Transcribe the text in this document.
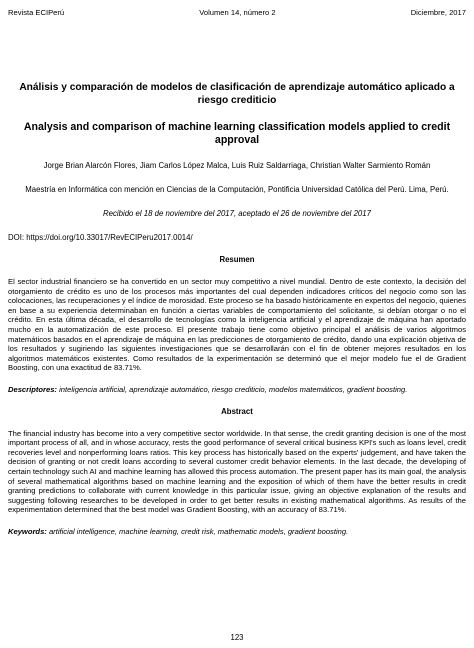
Revista ECIPerú	Volumen 14, número 2	Diciembre, 2017
Análisis y comparación de modelos de clasificación de aprendizaje automático aplicado a riesgo crediticio
Analysis and comparison of machine learning classification models applied to credit approval
Jorge Brian Alarcón Flores, Jiam Carlos López Malca, Luis Ruiz Saldarriaga, Christian Walter Sarmiento Román
Maestría en Informática con mención en Ciencias de la Computación, Pontificia Universidad Católica del Perú. Lima, Perú.
Recibido el 18 de noviembre del 2017, aceptado el 26 de noviembre del 2017
DOI: https://doi.org/10.33017/RevECIPeru2017.0014/
Resumen
El sector industrial financiero se ha convertido en un sector muy competitivo a nivel mundial. Dentro de este contexto, la decisión del otorgamiento de crédito es uno de los procesos más importantes del cual dependen indicadores críticos del negocio como son las colocaciones, las recuperaciones y el índice de morosidad. Este proceso se ha basado históricamente en expertos del negocio, quienes en base a su experiencia determinaban en función a ciertas variables de comportamiento del solicitante, si debían otorgar o no el crédito. En esta última década, el desarrollo de tecnologías como la inteligencia artificial y el aprendizaje de máquina han aportado mucho en la automatización de este proceso. El presente trabajo tiene como objetivo principal el análisis de varios algoritmos matemáticos basados en el aprendizaje de máquina en las predicciones de otorgamiento de crédito, dando una explicación objetiva de los resultados y sugiriendo las siguientes investigaciones que se desarrollarán con el fin de obtener mejores resultados en los algoritmos matemáticos existentes. Como resultados de la experimentación se determinó que el mejor modelo fue el de Gradient Boosting, con una exactitud de 83.71%.
Descriptores: inteligencia artificial, aprendizaje automático, riesgo crediticio, modelos matemáticos, gradient boosting.
Abstract
The financial industry has become into a very competitive sector worldwide. In that sense, the credit granting decision is one of the most important process of all, and in whose accuracy, rests the good performance of several critical business KPI's such as loans level, credit recoveries level and nonperforming loans ratios. This key process has historically based on the experts' judgement, and have taken the decision of granting or not credit loans according to several customer credit behavior elements. In the last decade, the developing of certain technology such AI and machine learning has allowed this process automation. The present paper has its main goal, the analysis of several mathematical algorithms based on machine learning and the exposition of which of them have the better results in credit granting predictions to collaborate with current knowledge in this particular issue, giving an objective explanation of the results and suggesting following researches to be developed in order to get better results in existing mathematical algorithms. As results of the experimentation determined that the best model was Gradient Boosting, with an accuracy of 83.71%.
Keywords: artificial intelligence, machine learning, credit risk, mathematic models, gradient boosting.
123
